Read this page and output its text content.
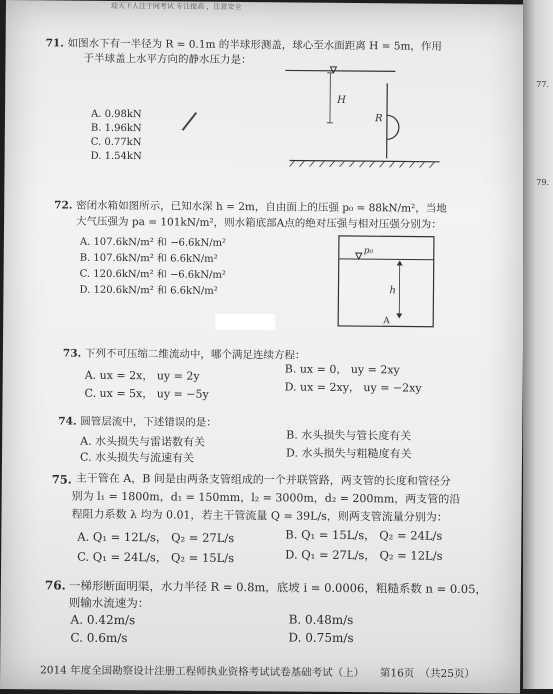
迎天下人注于同考试 专注提高 ，注意安全
如图水下有一半径为 R = 0.1m 的半球形测盖，球心至水面距离 H = 5m，作用
于半球盖上水平方向的静水压力是：
71.
A. 0.98kN
B. 1.96kN
C. 0.77kN
D. 1.54kN
/
H
R
72. 密闭水箱如图所示，已知水深 h = 2m，自由面上的压强 p₀ = 88kN/m²，当地
大气压强为 pa = 101kN/m²，则水箱底部A点的绝对压强与相对压强分别为：
A. 107.6kN/m² 和 −6.6kN/m²
B. 107.6kN/m² 和 6.6kN/m²
C. 120.6kN/m² 和 −6.6kN/m²
D. 120.6kN/m² 和 6.6kN/m²
p₀
h
A
73. 下列不可压缩二维流动中，哪个满足连续方程：
A. ux = 2x， uy = 2y	B. ux = 0， uy = 2xy
C. ux = 5x， uy = −5y	D. ux = 2xy， uy = −2xy
74. 圆管层流中，下述错误的是：
A. 水头损失与雷诺数有关	B. 水头损失与管长度有关
C. 水头损失与流速有关	D. 水头损失与粗糙度有关
75. 主干管在 A，B 间是由两条支管组成的一个并联管路，两支管的长度和管径分
别为 l₁ = 1800m，d₁ = 150mm，l₂ = 3000m，d₂ = 200mm，两支管的沿
程阻力系数 λ 均为 0.01，若主干管流量 Q = 39L/s，则两支管流量分别为：
A. Q₁ = 12L/s， Q₂ = 27L/s	B. Q₁ = 15L/s， Q₂ = 24L/s
C. Q₁ = 24L/s， Q₂ = 15L/s	D. Q₁ = 27L/s， Q₂ = 12L/s
76. 一梯形断面明渠，水力半径 R = 0.8m，底坡 i = 0.0006，粗糙系数 n = 0.05，
则输水流速为：
A. 0.42m/s	B. 0.48m/s
C. 0.6m/s	D. 0.75m/s
2014 年度全国勘察设计注册工程师执业资格考试试卷基础考试（上）　　第16页　（共25页）
77.
79.
